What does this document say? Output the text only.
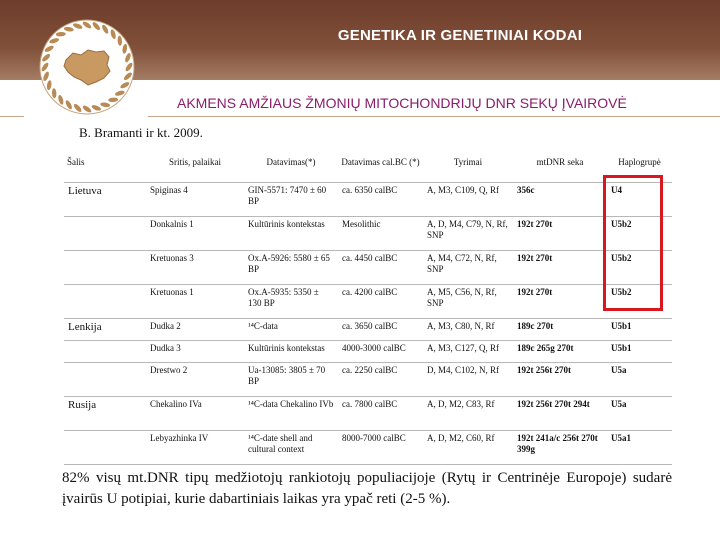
GENETIKA IR GENETINIAI KODAI
AKMENS AMŽIAUS ŽMONIŲ MITOCHONDRIJŲ DNR SEKŲ ĮVAIROVĖ
B. Bramanti ir kt. 2009.
Šalis	Sritis, palaikai	Datavimas(*)	Datavimas cal.BC (*)	Tyrimai	mtDNR seka	Haplogrupė
Lietuva	Spiginas 4	GIN-5571: 7470 ± 60 BP	ca. 6350 calBC	A, M3, C109, Q, Rf	356c	U4
	Donkalnis 1	Kultūrinis kontekstas	Mesolithic	A, D, M4, C79, N, Rf, SNP	192t 270t	U5b2
	Kretuonas 3	Ox.A-5926: 5580 ± 65 BP	ca. 4450 calBC	A, M4, C72, N, Rf, SNP	192t 270t	U5b2
	Kretuonas 1	Ox.A-5935: 5350 ± 130 BP	ca. 4200 calBC	A, M5, C56, N, Rf, SNP	192t 270t	U5b2
Lenkija	Dudka 2	¹⁴C-data	ca. 3650 calBC	A, M3, C80, N, Rf	189c 270t	U5b1
	Dudka 3	Kultūrinis kontekstas	4000-3000 calBC	A, M3, C127, Q, Rf	189c 265g 270t	U5b1
	Drestwo 2	Ua-13085: 3805 ± 70 BP	ca. 2250 calBC	D, M4, C102, N, Rf	192t 256t 270t	U5a
Rusija	Chekalino IVa	¹⁴C-data Chekalino IVb	ca. 7800 calBC	A, D, M2, C83, Rf	192t 256t 270t 294t	U5a
	Lebyazhinka IV	¹⁴C-date shell and cultural context	8000-7000 calBC	A, D, M2, C60, Rf	192t 241a/c 256t 270t 399g	U5a1
82% visų mt.DNR tipų medžiotojų rankiotojų populiacijoje (Rytų ir Centrinėje Europoje) sudarė įvairūs U potipiai, kurie dabartiniais laikas yra ypač reti (2-5 %).
